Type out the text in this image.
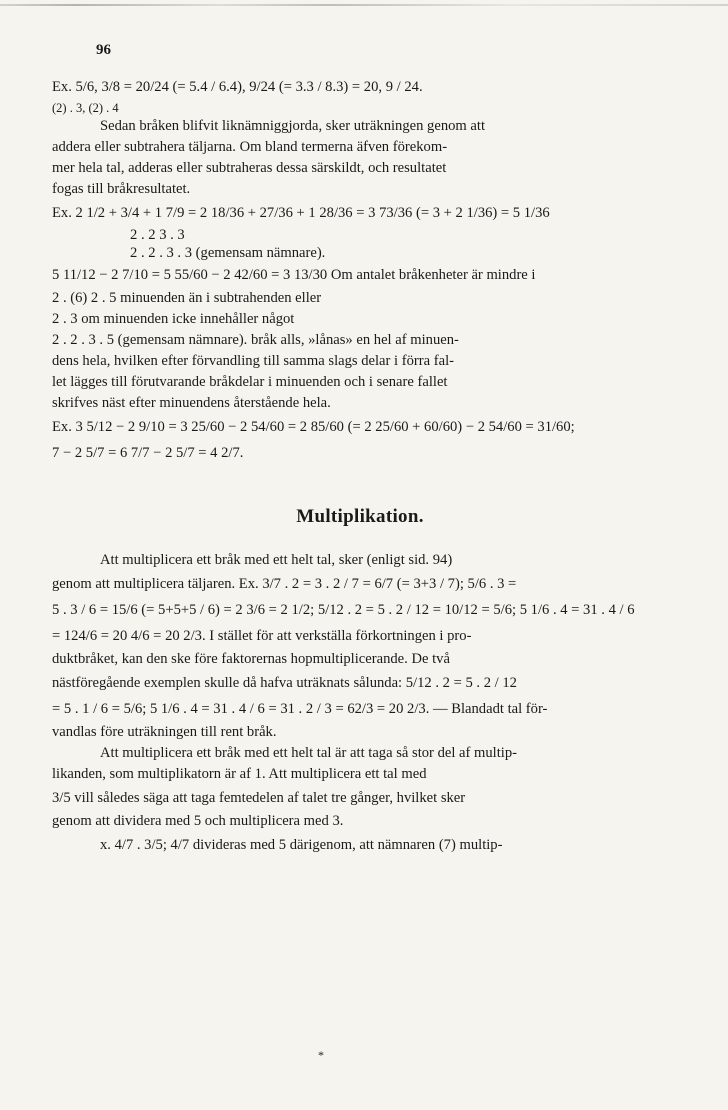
96
Ex. 5/6, 3/8 = 20/24 (= 5.4 / 6.4), 9/24 (= 3.3 / 8.3) = 20, 9 / 24.
(2) . 3, (2) . 4
Sedan bråken blifvit liknämniggjorda, sker uträkningen genom att
addera eller subtrahera täljarna. Om bland termerna äfven förekom-
mer hela tal, adderas eller subtraheras dessa särskildt, och resultatet
fogas till bråkresultatet.
Ex. 2 1/2 + 3/4 + 1 7/9 = 2 18/36 + 27/36 + 1 28/36 = 3 73/36 (= 3 + 2 1/36) = 5 1/36
2 . 2 3 . 3
2 . 2 . 3 . 3 (gemensam nämnare).
5 11/12 − 2 7/10 = 5 55/60 − 2 42/60 = 3 13/30 Om antalet bråkenheter är mindre i
2 . (6) 2 . 5 minuenden än i subtrahenden eller
2 . 3 om minuenden icke innehåller något
2 . 2 . 3 . 5 (gemensam nämnare). bråk alls, »lånas» en hel af minuen-
dens hela, hvilken efter förvandling till samma slags delar i förra fal-
let lägges till förutvarande bråkdelar i minuenden och i senare fallet
skrifves näst efter minuendens återstående hela.
Ex. 3 5/12 − 2 9/10 = 3 25/60 − 2 54/60 = 2 85/60 (= 2 25/60 + 60/60) − 2 54/60 = 31/60;
7 − 2 5/7 = 6 7/7 − 2 5/7 = 4 2/7.
Multiplikation.
Att multiplicera ett bråk med ett helt tal, sker (enligt sid. 94)
genom att multiplicera täljaren. Ex. 3/7 . 2 = 3 . 2 / 7 = 6/7 (= 3+3 / 7); 5/6 . 3 =
5 . 3 / 6 = 15/6 (= 5+5+5 / 6) = 2 3/6 = 2 1/2; 5/12 . 2 = 5 . 2 / 12 = 10/12 = 5/6; 5 1/6 . 4 = 31 . 4 / 6
= 124/6 = 20 4/6 = 20 2/3. I stället för att verkställa förkortningen i pro-
duktbråket, kan den ske före faktorernas hopmultiplicerande. De två
nästföregående exemplen skulle då hafva uträknats sålunda: 5/12 . 2 = 5 . 2 / 12
= 5 . 1 / 6 = 5/6; 5 1/6 . 4 = 31 . 4 / 6 = 31 . 2 / 3 = 62/3 = 20 2/3. — Blandadt tal för-
vandlas före uträkningen till rent bråk.
Att multiplicera ett bråk med ett helt tal är att taga så stor del af multip-
likanden, som multiplikatorn är af 1. Att multiplicera ett tal med
3/5 vill således säga att taga femtedelen af talet tre gånger, hvilket sker
genom att dividera med 5 och multiplicera med 3.
x. 4/7 . 3/5; 4/7 divideras med 5 därigenom, att nämnaren (7) multip-
*
